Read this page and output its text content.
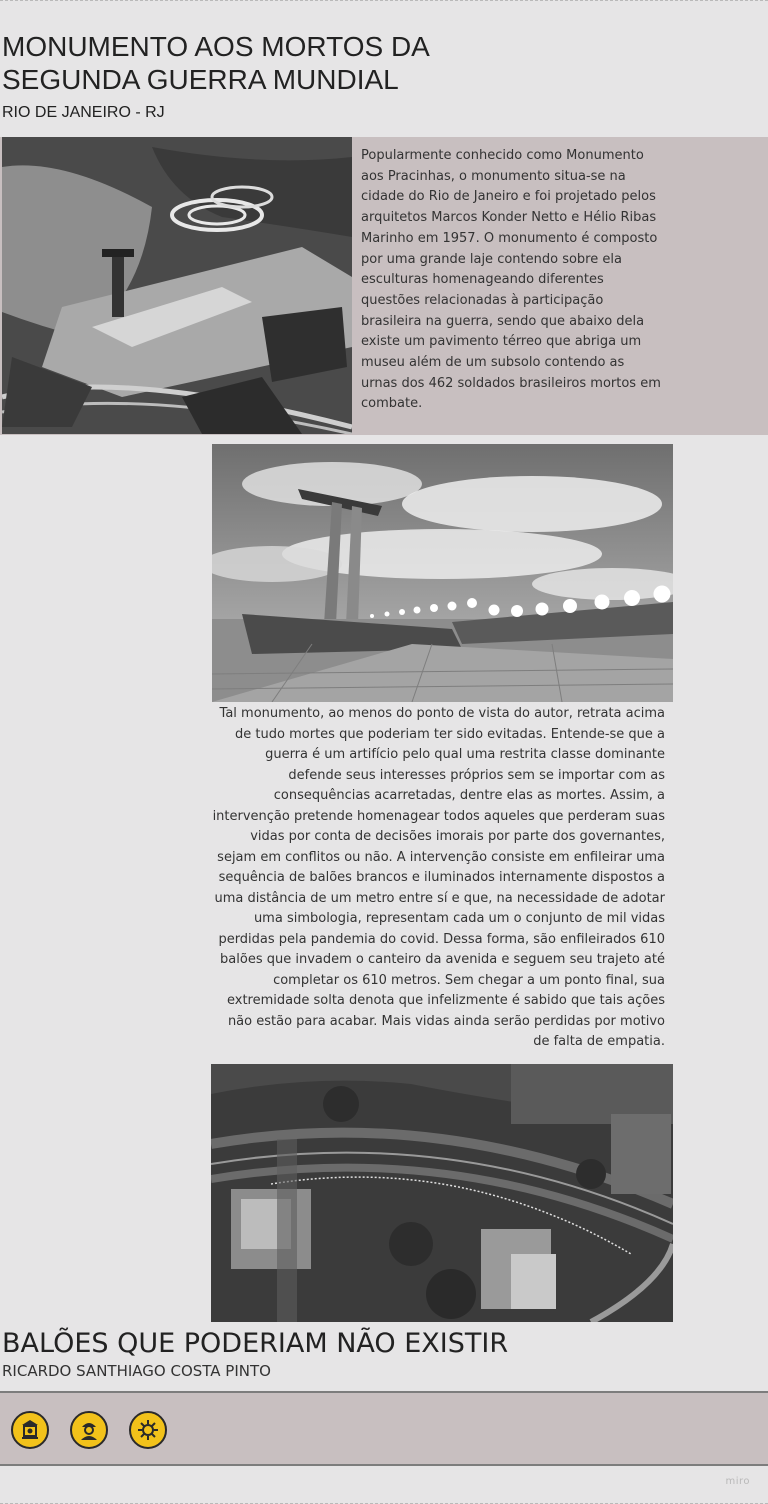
MONUMENTO AOS MORTOS DA
SEGUNDA GUERRA MUNDIAL

RIO DE JANEIRO - RJ

Popularmente conhecido como Monumento aos Pracinhas, o monumento situa-se na cidade do Rio de Janeiro e foi projetado pelos arquitetos Marcos Konder Netto e Hélio Ribas Marinho em 1957. O monumento é composto por uma grande laje contendo sobre ela esculturas homenageando diferentes questões relacionadas à participação brasileira na guerra, sendo que abaixo dela existe um pavimento térreo que abriga um museu além de um subsolo contendo as urnas dos 462 soldados brasileiros mortos em combate.

Tal monumento, ao menos do ponto de vista do autor, retrata acima de tudo mortes que poderiam ter sido evitadas. Entende-se que a guerra é um artifício pelo qual uma restrita classe dominante defende seus interesses próprios sem se importar com as consequências acarretadas, dentre elas as mortes. Assim, a intervenção pretende homenagear todos aqueles que perderam suas vidas por conta de decisões imorais por parte dos governantes, sejam em conflitos ou não. A intervenção consiste em enfileirar uma sequência de balões brancos e iluminados internamente dispostos a uma distância de um metro entre sí e que, na necessidade de adotar uma simbologia, representam cada um o conjunto de mil vidas perdidas pela pandemia do covid. Dessa forma, são enfileirados 610 balões que invadem o canteiro da avenida e seguem seu trajeto até completar os 610 metros. Sem chegar a um ponto final, sua extremidade solta denota que infelizmente é sabido que tais ações não estão para acabar. Mais vidas ainda serão perdidas por motivo de falta de empatia.

BALÕES QUE PODERIAM NÃO EXISTIR

RICARDO SANTHIAGO COSTA PINTO

miro
